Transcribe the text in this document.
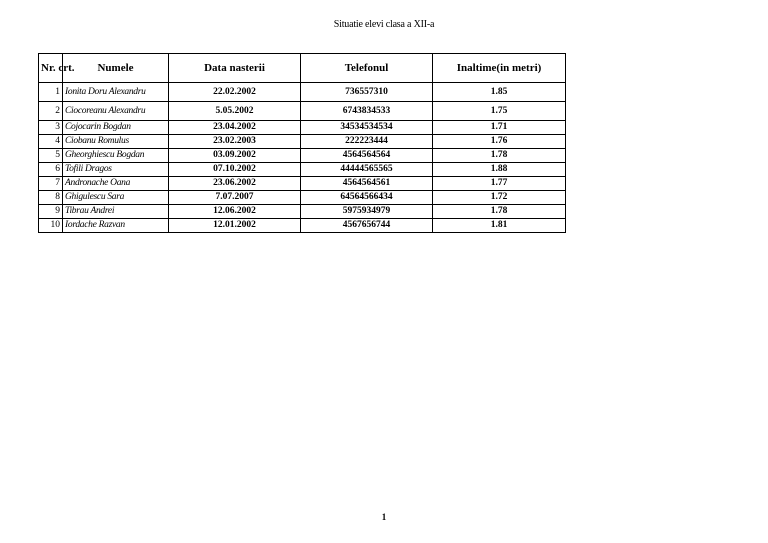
Situatie elevi clasa a XII-a
Nr. crt.	Numele	Data nasterii	Telefonul	Inaltime(in metri)
1	Ionita Doru Alexandru	22.02.2002	736557310	1.85
2	Ciocoreanu Alexandru	5.05.2002	6743834533	1.75
3	Cojocarin Bogdan	23.04.2002	34534534534	1.71
4	Ciobanu Romulus	23.02.2003	222223444	1.76
5	Gheorghiescu Bogdan	03.09.2002	4564564564	1.78
6	Tofili Dragos	07.10.2002	44444565565	1.88
7	Andronache Oana	23.06.2002	4564564561	1.77
8	Ghigulescu Sara	7.07.2007	64564566434	1.72
9	Tibrau Andrei	12.06.2002	5975934979	1.78
10	Iordache Razvan	12.01.2002	4567656744	1.81
1
